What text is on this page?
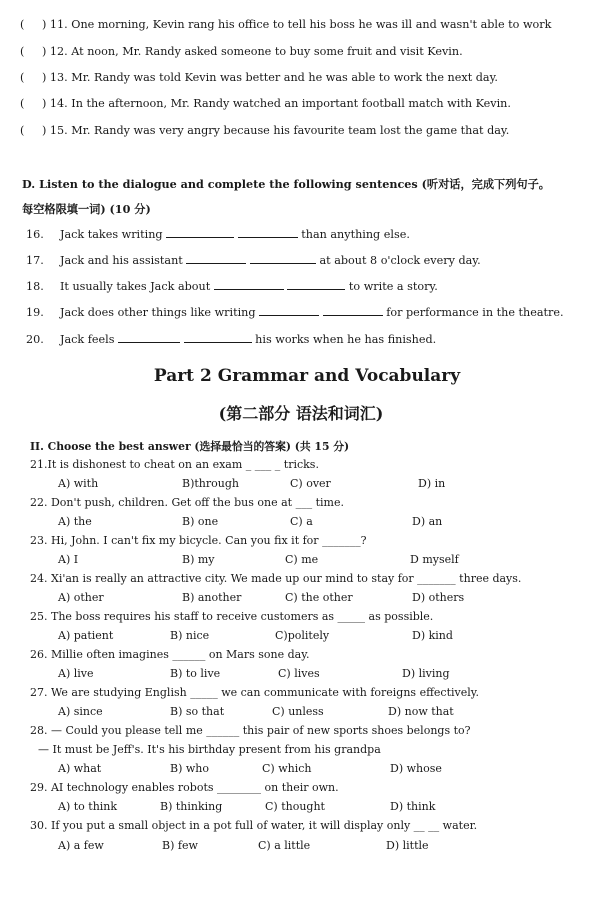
( ) 11. One morning, Kevin rang his office to tell his boss he was ill and wasn't able to work
( ) 12. At noon, Mr. Randy asked someone to buy some fruit and visit Kevin.
( ) 13. Mr. Randy was told Kevin was better and he was able to work the next day.
( ) 14. In the afternoon, Mr. Randy watched an important football match with Kevin.
( ) 15. Mr. Randy was very angry because his favourite team lost the game that day.
D. Listen to the dialogue and complete the following sentences (听对话，完成下列句子。
每空格限填一词) (10 分)
16. Jack takes writing	than anything else.
17. Jack and his assistant	at about 8 o'clock every day.
18. It usually takes Jack about	to write a story.
19. Jack does other things like writing	for performance in the theatre.
20. Jack feels	his works when he has finished.
Part 2 Grammar and Vocabulary
(第二部分 语法和词汇)
II. Choose the best answer (选择最恰当的答案) (共 15 分)
21.It is dishonest to cheat on an exam _ ___ _ tricks.
A) with	B)through	C) over	D) in
22. Don't push, children. Get off the bus one at ___ time.
A) the	B) one	C) a	D) an
23. Hi, John. I can't fix my bicycle. Can you fix it for _______?
A) I	B) my	C) me	D myself
24. Xi'an is really an attractive city. We made up our mind to stay for _______ three days.
A) other	B) another	C) the other	D) others
25. The boss requires his staff to receive customers as _____ as possible.
A) patient	B) nice	C)politely	D) kind
26. Millie often imagines ______ on Mars sone day.
A) live	B) to live	C) lives	D) living
27. We are studying English _____ we can communicate with foreigns effectively.
A) since	B) so that	C) unless	D) now that
28. — Could you please tell me ______ this pair of new sports shoes belongs to?
— It must be Jeff's. It's his birthday present from his grandpa
A) what	B) who	C) which	D) whose
29. AI technology enables robots ________ on their own.
A) to think	B) thinking	C) thought	D) think
30. If you put a small object in a pot full of water, it will display only __ __ water.
A) a few	B) few	C) a little	D) little
